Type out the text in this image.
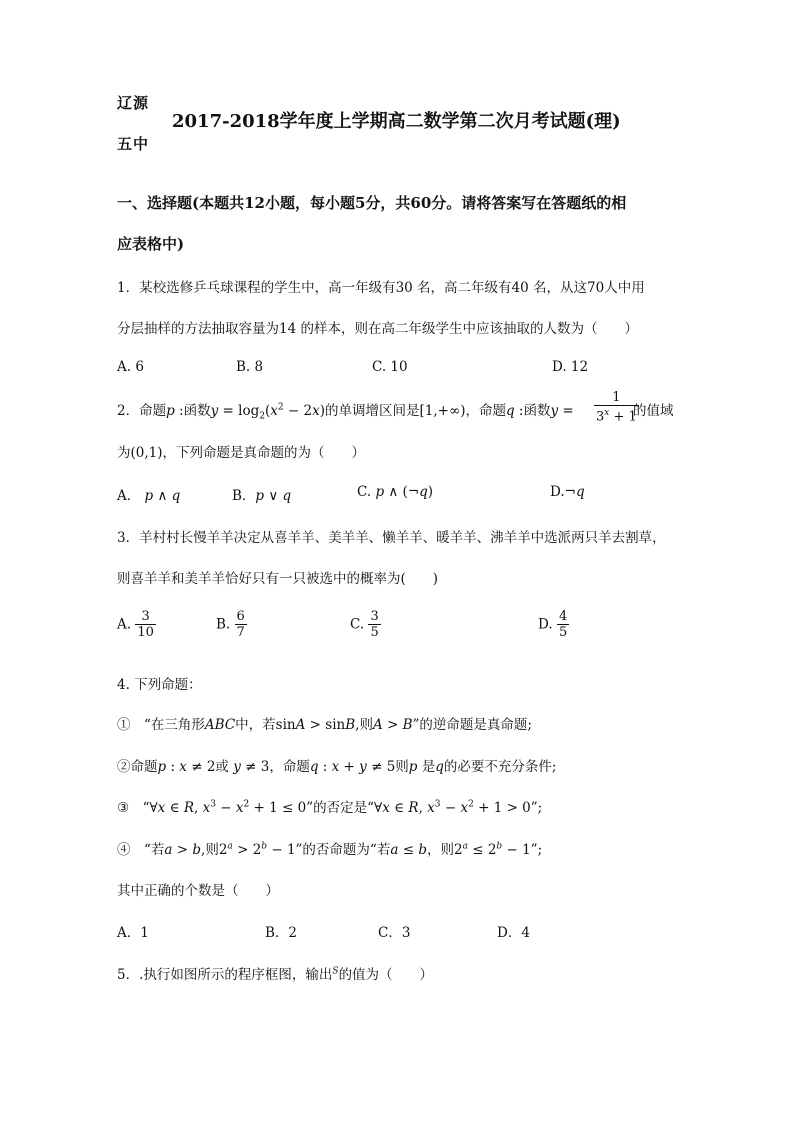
辽源
五中
2017-2018学年度上学期高二数学第二次月考试题(理)
一、选择题(本题共12小题，每小题5分，共60分。请将答案写在答题纸的相
应表格中)
1．某校选修乒乓球课程的学生中，高一年级有30 名，高二年级有40 名，从这70人中用
分层抽样的方法抽取容量为14 的样本，则在高二年级学生中应该抽取的人数为（　　）
A. 6	B. 8	C. 10	D. 12
2．命题p :函数$y = \log_2(x^2 - 2x)$的单调增区间是[1,+∞)，命题q :函数$y = \frac{1}{3^x + 1}$
的值域
为(0,1)，下列命题是真命题的为（　　）
A． p ∧ q	B．p ∨ q	C. p ∧ (¬q)	D.¬q
3．羊村村长慢羊羊决定从喜羊羊、美羊羊、懒羊羊、暖羊羊、沸羊羊中选派两只羊去割草，
则喜羊羊和美羊羊恰好只有一只被选中的概率为(　　)
A. $\frac{3}{10}$	B. $\frac{6}{7}$	C. $\frac{3}{5}$	D. $\frac{4}{5}$
4. 下列命题：
①　“在三角形ABC中，若sinA > sinB,则A > B”的逆命题是真命题;
②命题p : x ≠ 2或 y ≠ 3，命题q : x + y ≠ 5则p 是q的必要不充分条件;
③　“∀x ∈ R, $x^3 - x^2 + 1 \le 0$”的否定是“∀x ∈ R, $x^3 - x^2 + 1 > 0$”;
④　“若a > b,则$2^a > 2^b - 1$”的否命题为“若a ≤ b，则$2^a \le 2^b - 1$”;
其中正确的个数是（　　）
A．1	B．2	C．3	D．4
5．.执行如图所示的程序框图，输出$^S$的值为（　　）
